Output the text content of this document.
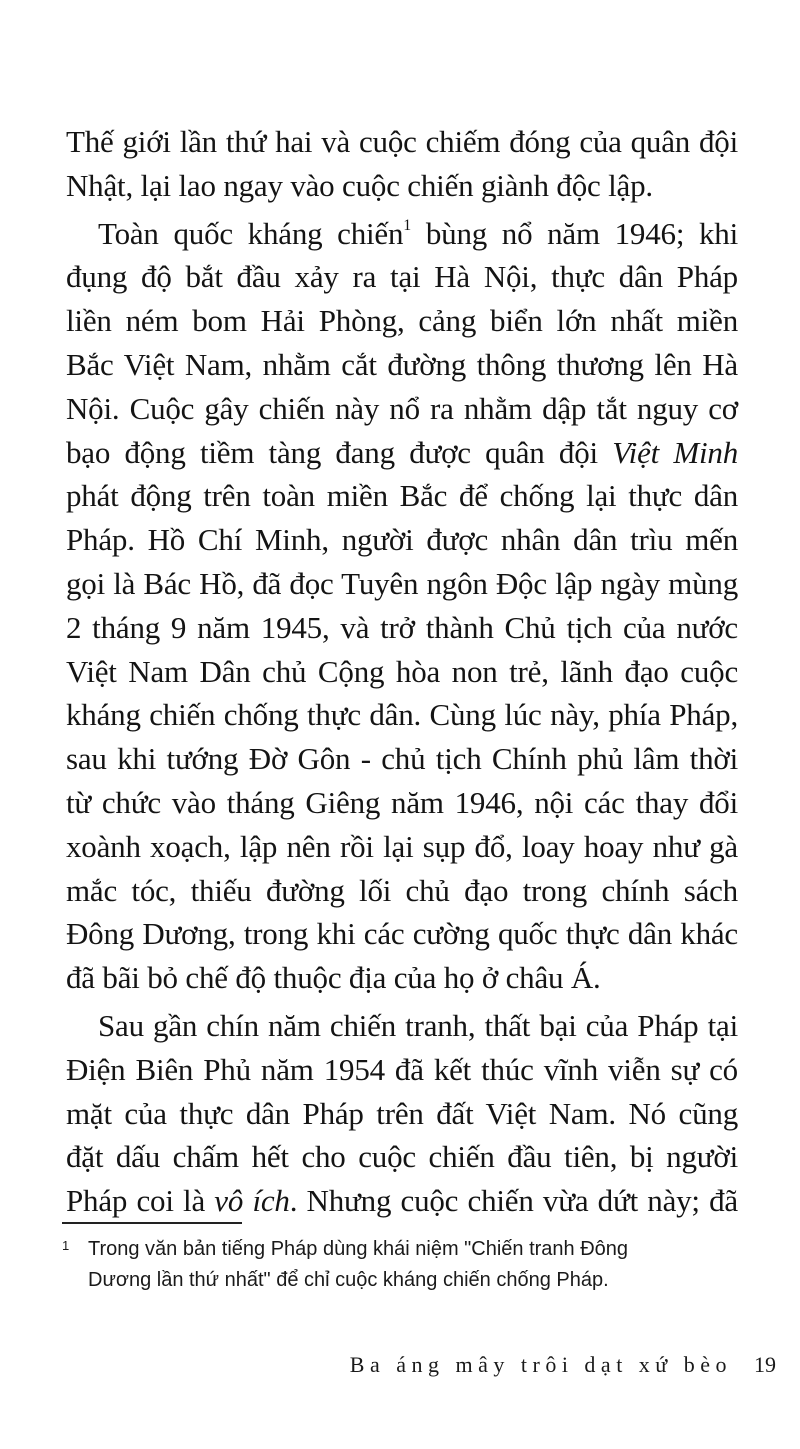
Thế giới lần thứ hai và cuộc chiếm đóng của quân đội
Nhật, lại lao ngay vào cuộc chiến giành độc lập.
Toàn quốc kháng chiến$^1$ bùng nổ năm 1946; khi
đụng độ bắt đầu xảy ra tại Hà Nội, thực dân Pháp
liền ném bom Hải Phòng, cảng biển lớn nhất miền
Bắc Việt Nam, nhằm cắt đường thông thương lên Hà
Nội. Cuộc gây chiến này nổ ra nhằm dập tắt nguy cơ
bạo động tiềm tàng đang được quân đội Việt Minh
phát động trên toàn miền Bắc để chống lại thực dân
Pháp. Hồ Chí Minh, người được nhân dân trìu mến
gọi là Bác Hồ, đã đọc Tuyên ngôn Độc lập ngày mùng
2 tháng 9 năm 1945, và trở thành Chủ tịch của nước
Việt Nam Dân chủ Cộng hòa non trẻ, lãnh đạo cuộc
kháng chiến chống thực dân. Cùng lúc này, phía Pháp,
sau khi tướng Đờ Gôn - chủ tịch Chính phủ lâm thời
từ chức vào tháng Giêng năm 1946, nội các thay đổi
xoành xoạch, lập nên rồi lại sụp đổ, loay hoay như gà
mắc tóc, thiếu đường lối chủ đạo trong chính sách
Đông Dương, trong khi các cường quốc thực dân khác
đã bãi bỏ chế độ thuộc địa của họ ở châu Á.
Sau gần chín năm chiến tranh, thất bại của Pháp tại
Điện Biên Phủ năm 1954 đã kết thúc vĩnh viễn sự có
mặt của thực dân Pháp trên đất Việt Nam. Nó cũng
đặt dấu chấm hết cho cuộc chiến đầu tiên, bị người
Pháp coi là vô ích. Nhưng cuộc chiến vừa dứt này; đã
1 Trong văn bản tiếng Pháp dùng khái niệm "Chiến tranh Đông
Dương lần thứ nhất" để chỉ cuộc kháng chiến chống Pháp.
Ba áng mây trôi dạt xứ bèo 19
